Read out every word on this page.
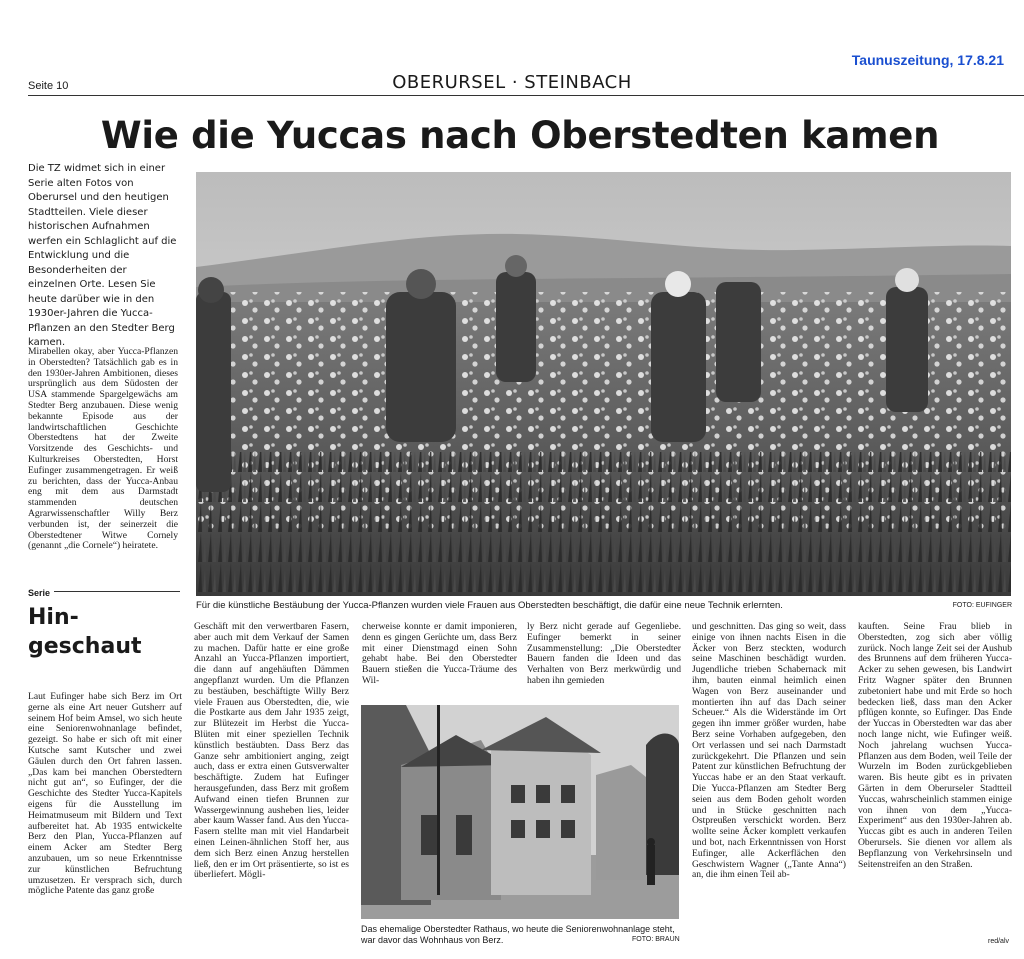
Taunuszeitung, 17.8.21
Seite 10	OBERURSEL · STEINBACH
Wie die Yuccas nach Oberstedten kamen
Die TZ widmet sich in einer Serie alten Fotos von Oberursel und den heutigen Stadtteilen. Viele dieser historischen Aufnahmen werfen ein Schlaglicht auf die Entwicklung und die Besonderheiten der einzelnen Orte. Lesen Sie heute darüber wie in den 1930er-Jahren die Yucca-Pflanzen an den Stedter Berg kamen.
Mirabellen okay, aber Yucca-Pflanzen in Oberstedten? Tatsächlich gab es in den 1930er-Jahren Ambitionen, dieses ursprünglich aus dem Südosten der USA stammende Spargelgewächs am Stedter Berg anzubauen. Diese wenig bekannte Episode aus der landwirtschaftlichen Geschichte Oberstedtens hat der Zweite Vorsitzende des Geschichts- und Kulturkreises Oberstedten, Horst Eufinger zusammengetragen. Er weiß zu berichten, dass der Yucca-Anbau eng mit dem aus Darmstadt stammenden deutschen Agrarwissenschaftler Willy Berz verbunden ist, der seinerzeit die Oberstedtener Witwe Cornely (genannt „die Cornele“) heiratete.
Serie
Hin-
geschaut
Für die künstliche Bestäubung der Yucca-Pflanzen wurden viele Frauen aus Oberstedten beschäftigt, die dafür eine neue Technik erlernten.	FOTO: EUFINGER
Laut Eufinger habe sich Berz im Ort gerne als eine Art neuer Gutsherr auf seinem Hof beim Amsel, wo sich heute eine Seniorenwohnanlage befindet, gezeigt. So habe er sich oft mit einer Kutsche samt Kutscher und zwei Gäulen durch den Ort fahren lassen. „Das kam bei manchen Oberstedtern nicht gut an“, so Eufinger, der die Geschichte des Stedter Yucca-Kapitels eigens für die Ausstellung im Heimatmuseum mit Bildern und Text aufbereitet hat. Ab 1935 entwickelte Berz den Plan, Yucca-Pflanzen auf einem Acker am Stedter Berg anzubauen, um so neue Erkenntnisse zur künstlichen Befruchtung umzusetzen. Er versprach sich, durch mögliche Patente das ganz große
Geschäft mit den verwertbaren Fasern, aber auch mit dem Verkauf der Samen zu machen. Dafür hatte er eine große Anzahl an Yucca-Pflanzen importiert, die dann auf angehäuften Dämmen angepflanzt wurden. Um die Pflanzen zu bestäuben, beschäftigte Willy Berz viele Frauen aus Oberstedten, die, wie die Postkarte aus dem Jahr 1935 zeigt, zur Blütezeit im Herbst die Yucca-Blüten mit einer speziellen Technik künstlich bestäubten. Dass Berz das Ganze sehr ambitioniert anging, zeigt auch, dass er extra einen Gutsverwalter beschäftigte. Zudem hat Eufinger herausgefunden, dass Berz mit großem Aufwand einen tiefen Brunnen zur Wassergewinnung ausheben lies, leider aber kaum Wasser fand. Aus den Yucca-Fasern stellte man mit viel Handarbeit einen Leinen-ähnlichen Stoff her, aus dem sich Berz einen Anzug herstellen ließ, den er im Ort präsentierte, so ist es überliefert. Mögli-
cherweise konnte er damit imponieren, denn es gingen Gerüchte um, dass Berz mit einer Dienstmagd einen Sohn gehabt habe. Bei den Oberstedter Bauern stießen die Yucca-Träume des Wil-
ly Berz nicht gerade auf Gegenliebe. Eufinger bemerkt in seiner Zusammenstellung: „Die Oberstedter Bauern fanden die Ideen und das Verhalten von Berz merkwürdig und haben ihn gemieden
und geschnitten. Das ging so weit, dass einige von ihnen nachts Eisen in die Äcker von Berz steckten, wodurch seine Maschinen beschädigt wurden. Jugendliche trieben Schabernack mit ihm, bauten einmal heimlich einen Wagen von Berz auseinander und montierten ihn auf das Dach seiner Scheuer.“ Als die Widerstände im Ort gegen ihn immer größer wurden, habe Berz seine Vorhaben aufgegeben, den Ort verlassen und sei nach Darmstadt zurückgekehrt. Die Pflanzen und sein Patent zur künstlichen Befruchtung der Yuccas habe er an den Staat verkauft. Die Yucca-Pflanzen am Stedter Berg seien aus dem Boden geholt worden und in Stücke geschnitten nach Ostpreußen verschickt worden. Berz wollte seine Äcker komplett verkaufen und bot, nach Erkenntnissen von Horst Eufinger, alle Ackerflächen den Geschwistern Wagner („Tante Anna“) an, die ihm einen Teil ab-
kauften. Seine Frau blieb in Oberstedten, zog sich aber völlig zurück. Noch lange Zeit sei der Aushub des Brunnens auf dem früheren Yucca-Acker zu sehen gewesen, bis Landwirt Fritz Wagner später den Brunnen zubetoniert habe und mit Erde so hoch bedecken ließ, dass man den Acker pflügen konnte, so Eufinger. Das Ende der Yuccas in Oberstedten war das aber noch lange nicht, wie Eufinger weiß. Noch jahrelang wuchsen Yucca-Pflanzen aus dem Boden, weil Teile der Wurzeln im Boden zurückgeblieben waren. Bis heute gibt es in privaten Gärten in dem Oberurseler Stadtteil Yuccas, wahrscheinlich stammen einige von ihnen von dem „Yucca-Experiment“ aus den 1930er-Jahren ab. Yuccas gibt es auch in anderen Teilen Oberursels. Sie dienen vor allem als Bepflanzung von Verkehrsinseln und Seitenstreifen an den Straßen.
Das ehemalige Oberstedter Rathaus, wo heute die Seniorenwohnanlage steht, war davor das Wohnhaus von Berz.	FOTO: BRAUN	red/alv
